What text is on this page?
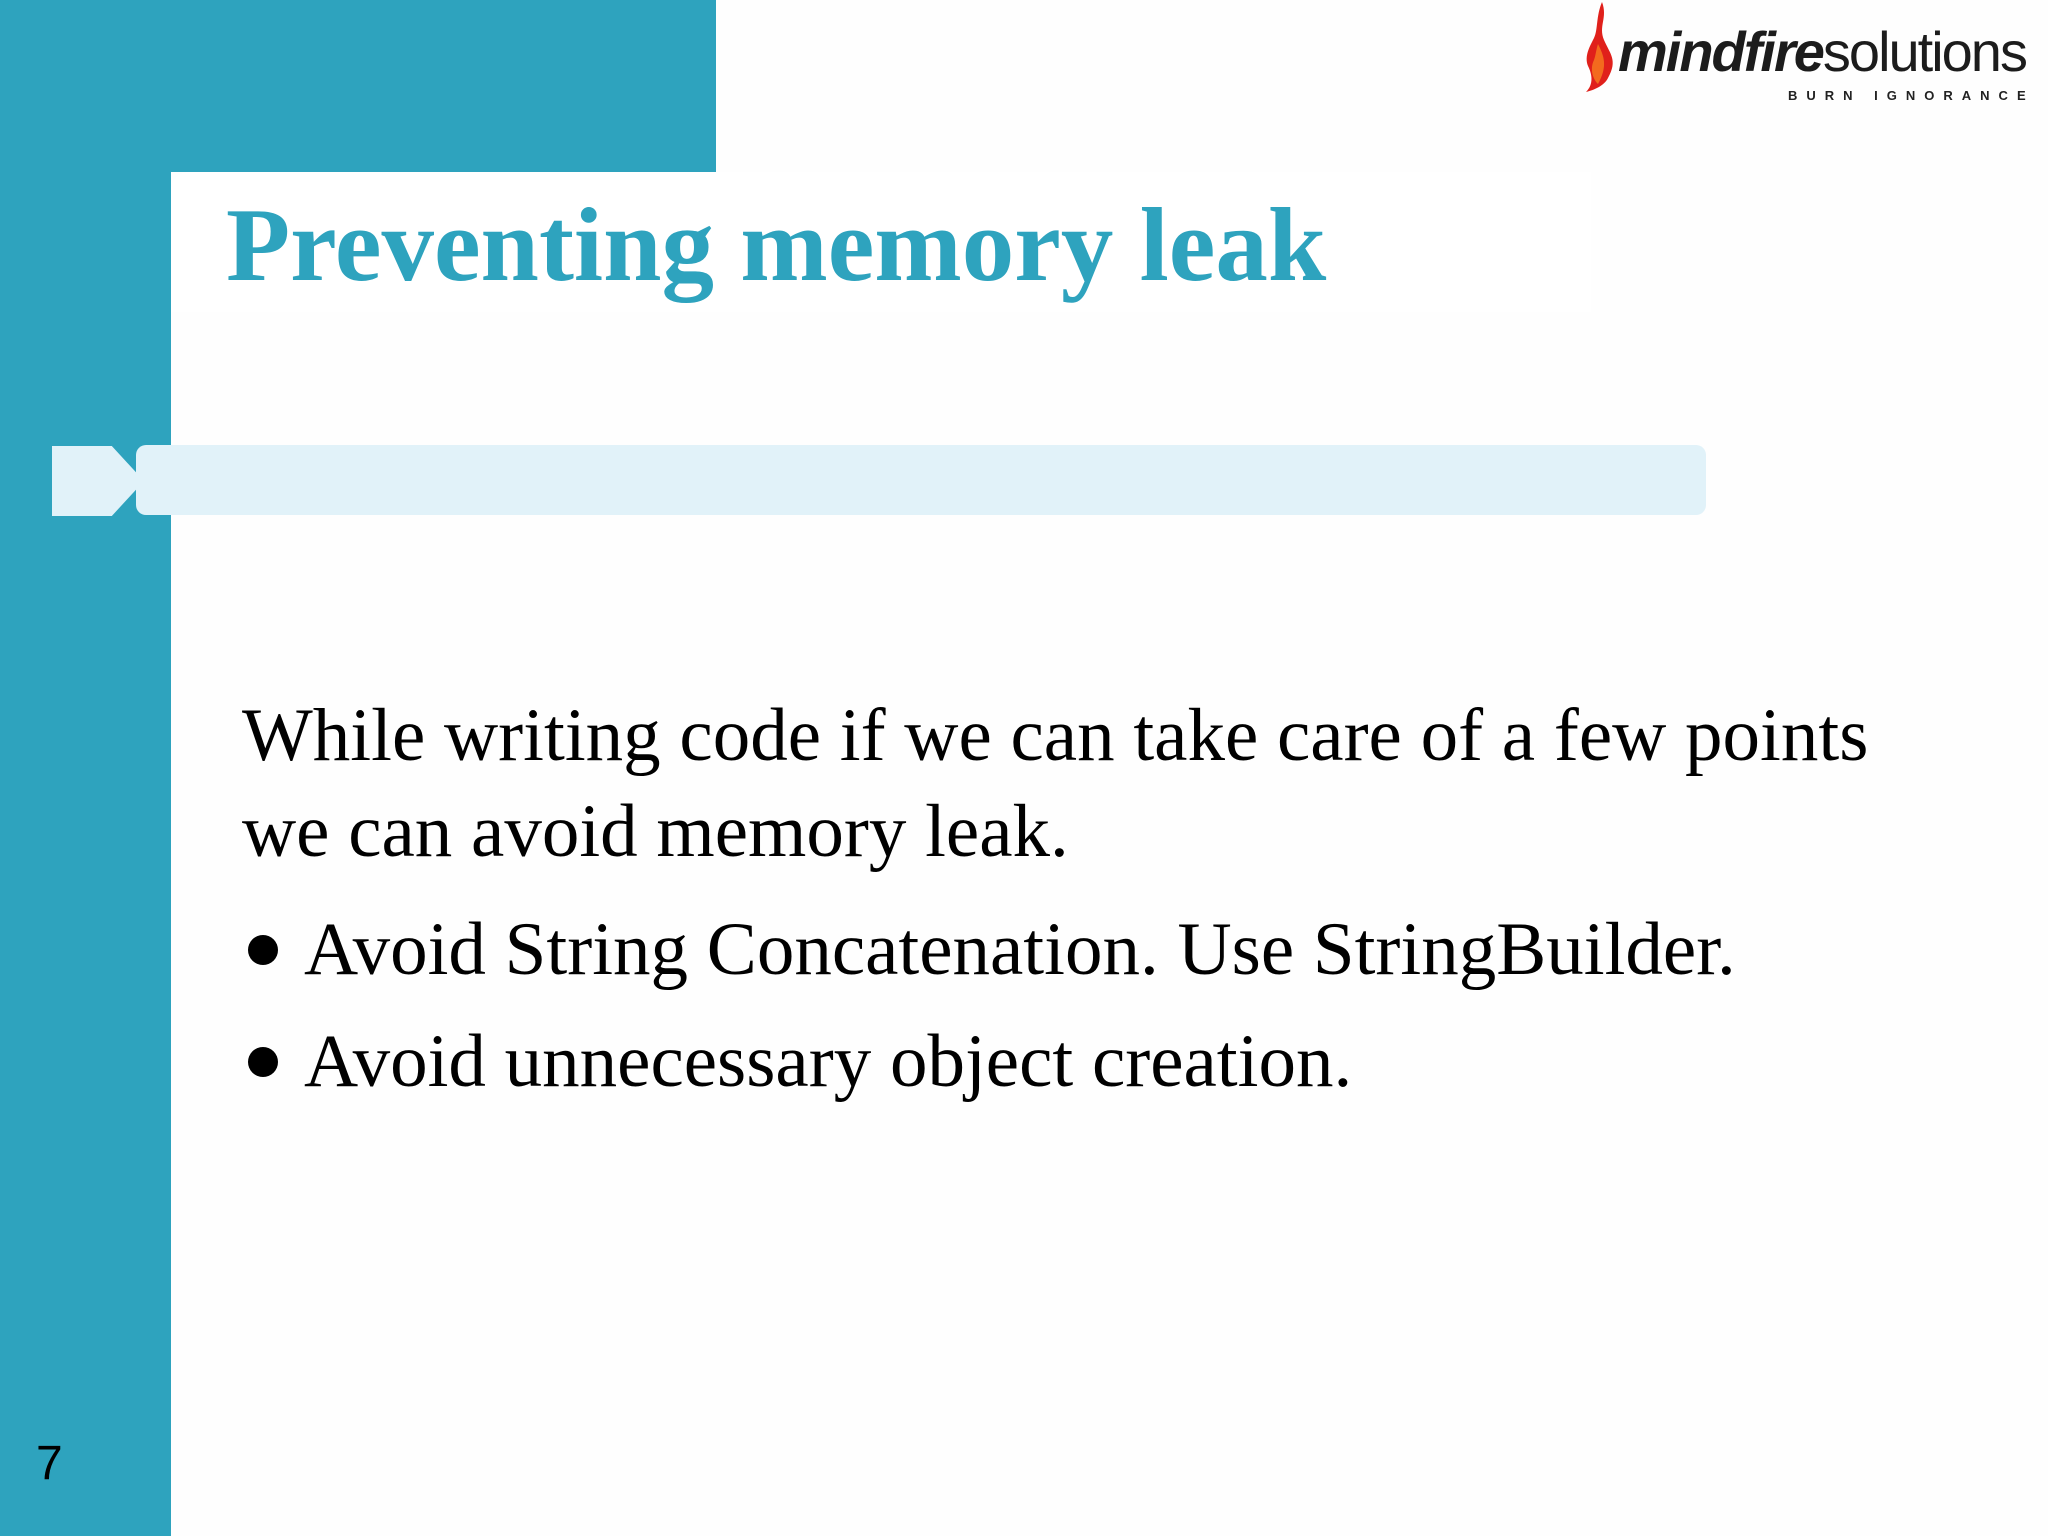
Preventing memory leak

While writing code if we can take care of a few points we can avoid memory leak.

Avoid String Concatenation. Use StringBuilder.
Avoid unnecessary object creation.
7
mindfiresolutions
BURN IGNORANCE
